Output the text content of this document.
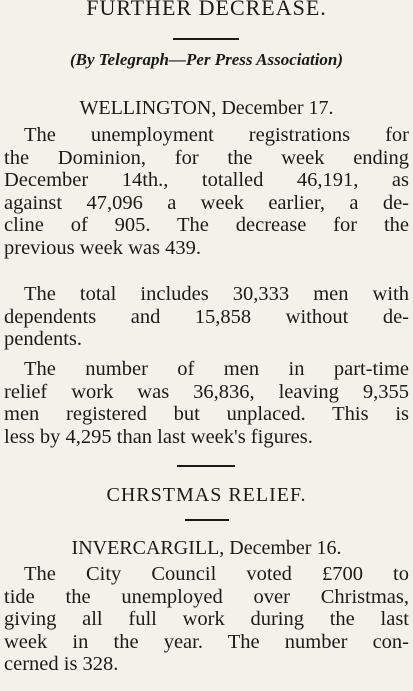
FURTHER DECREASE.
(By Telegraph—Per Press Association)
WELLINGTON, December 17.
The unemployment registrations for
the Dominion, for the week ending
December 14th., totalled 46,191, as
against 47,096 a week earlier, a de-
cline of 905. The decrease for the
previous week was 439.
The total includes 30,333 men with
dependents and 15,858 without de-
pendents.
The number of men in part-time
relief work was 36,836, leaving 9,355
men registered but unplaced. This is
less by 4,295 than last week's figures.
CHRSTMAS RELIEF.
INVERCARGILL, December 16.
The City Council voted £700 to
tide the unemployed over Christmas,
giving all full work during the last
week in the year. The number con-
cerned is 328.
